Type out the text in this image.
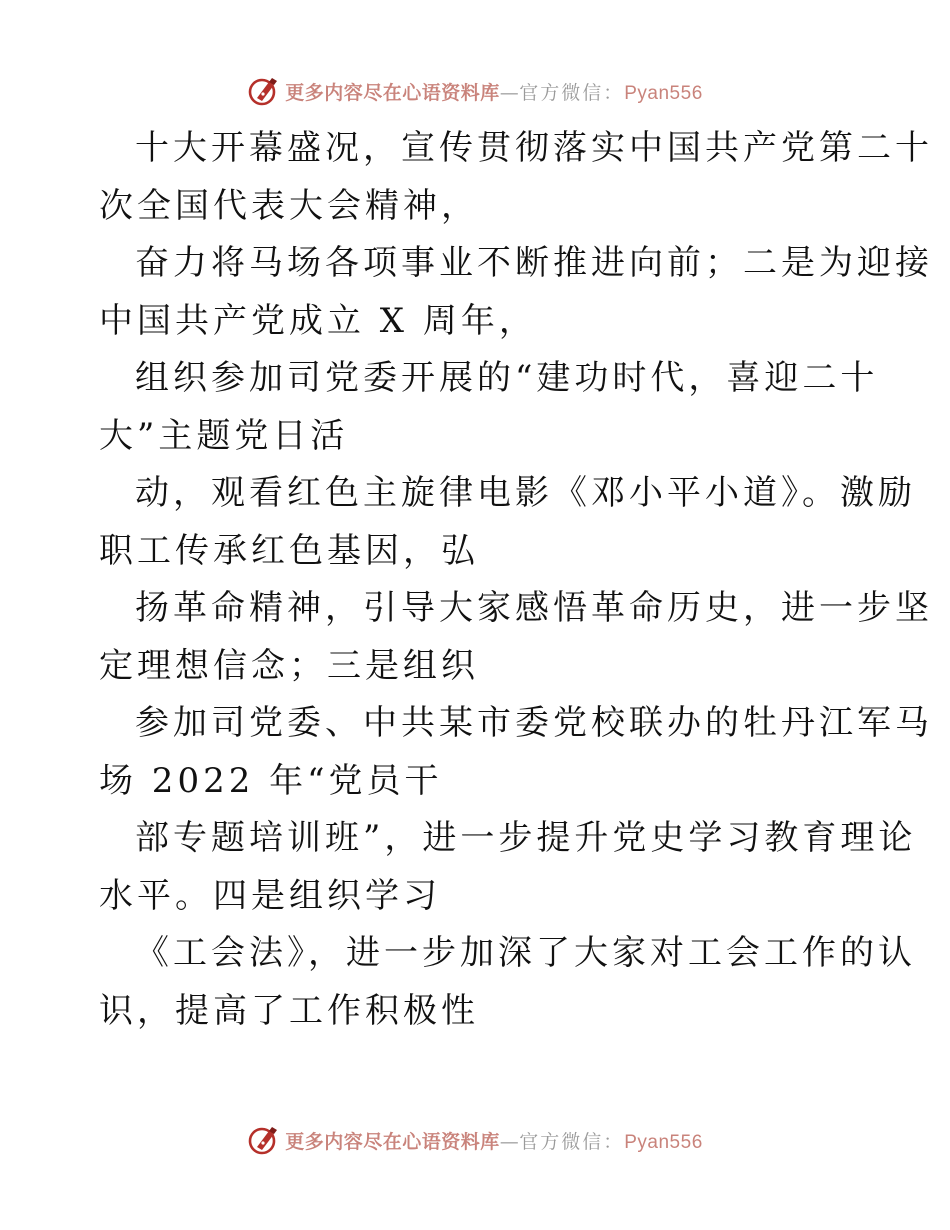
更多内容尽在心语资料库—官方微信：Pyan556
十大开幕盛况，宣传贯彻落实中国共产党第二十
次全国代表大会精神，
奋力将马场各项事业不断推进向前；二是为迎接
中国共产党成立 X 周年，
组织参加司党委开展的“建功时代，喜迎二十
大”主题党日活
动，观看红色主旋律电影《邓小平小道》。激励
职工传承红色基因，弘
扬革命精神，引导大家感悟革命历史，进一步坚
定理想信念；三是组织
参加司党委、中共某市委党校联办的牡丹江军马
场 2022 年“党员干
部专题培训班”，进一步提升党史学习教育理论
水平。四是组织学习
《工会法》，进一步加深了大家对工会工作的认
识，提高了工作积极性
更多内容尽在心语资料库—官方微信：Pyan556
